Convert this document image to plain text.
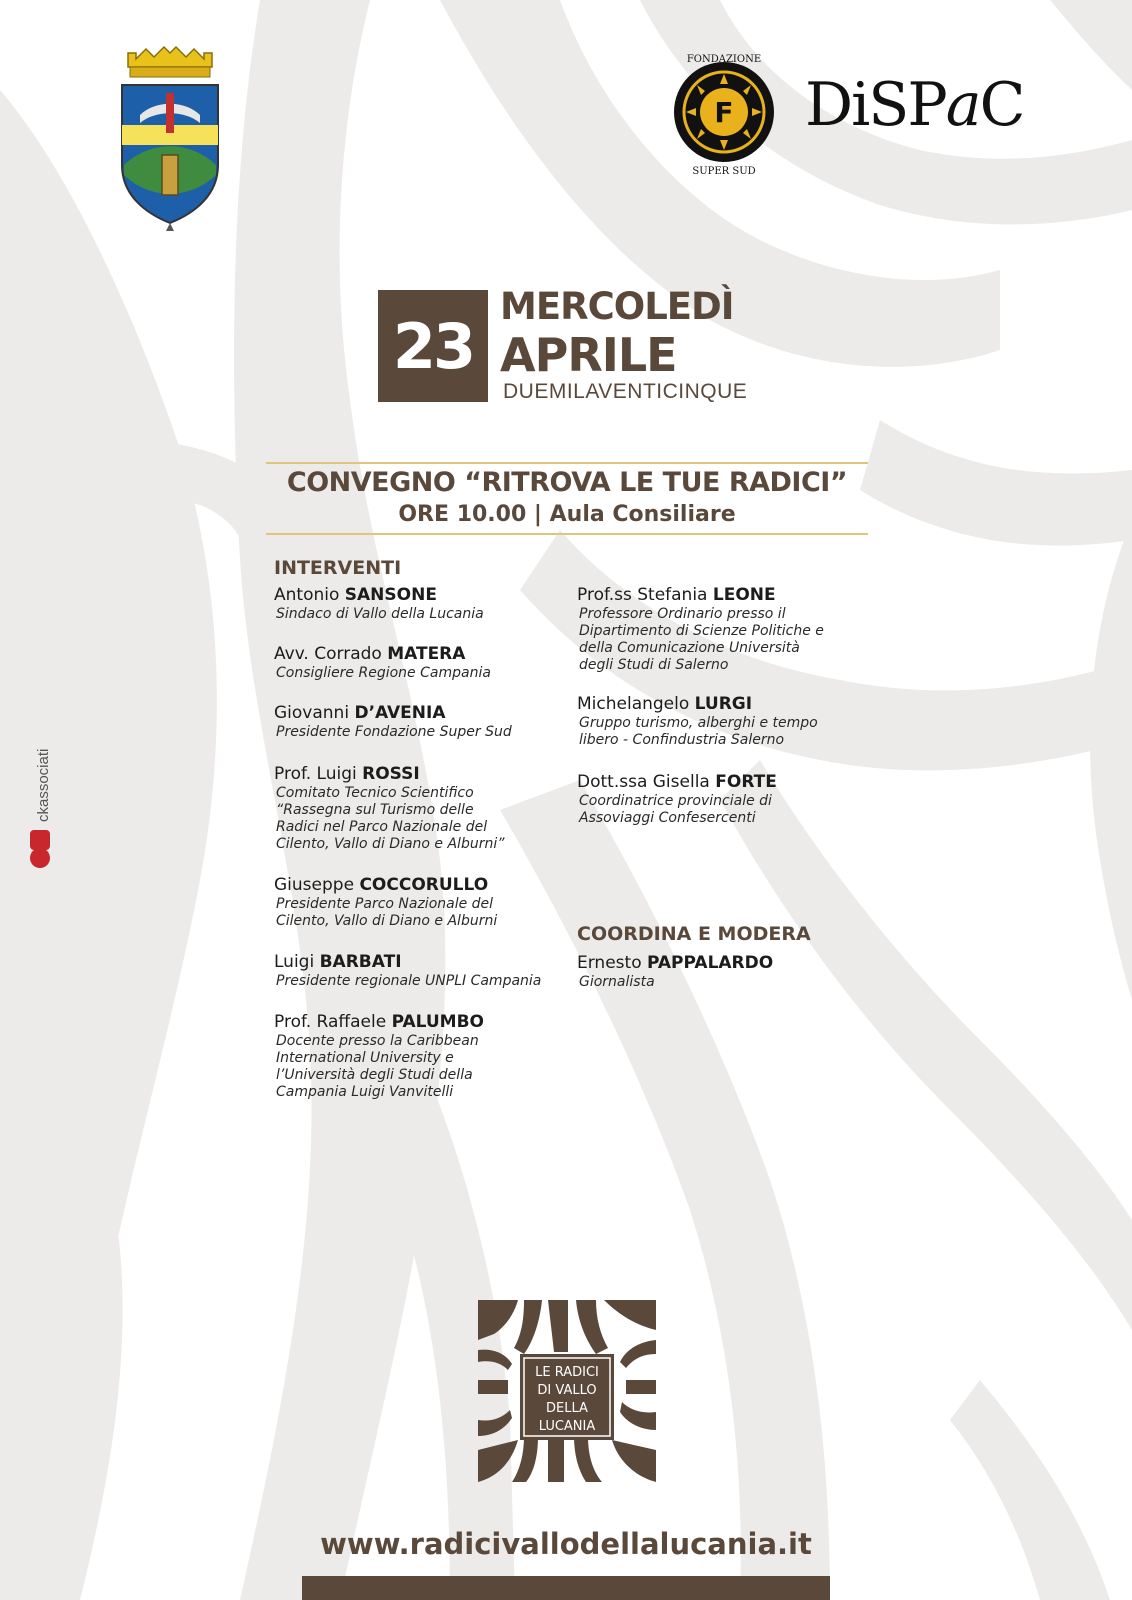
F
FONDAZIONE
SUPER SUD
DiSPaC
ckassociati
23
MERCOLEDÌ
APRILE
DUEMILAVENTICINQUE
CONVEGNO “RITROVA LE TUE RADICI”
ORE 10.00 | Aula Consiliare
INTERVENTI
Antonio SANSONE
Sindaco di Vallo della Lucania
Avv. Corrado MATERA
Consigliere Regione Campania
Giovanni D’AVENIA
Presidente Fondazione Super Sud
Prof. Luigi ROSSI
Comitato Tecnico Scientifico
“Rassegna sul Turismo delle
Radici nel Parco Nazionale del
Cilento, Vallo di Diano e Alburni”
Giuseppe COCCORULLO
Presidente Parco Nazionale del
Cilento, Vallo di Diano e Alburni
Luigi BARBATI
Presidente regionale UNPLI Campania
Prof. Raffaele PALUMBO
Docente presso la Caribbean
International University e
l’Università degli Studi della
Campania Luigi Vanvitelli
Prof.ss Stefania LEONE
Professore Ordinario presso il
Dipartimento di Scienze Politiche e
della Comunicazione Università
degli Studi di Salerno
Michelangelo LURGI
Gruppo turismo, alberghi e tempo
libero - Confindustria Salerno
Dott.ssa Gisella FORTE
Coordinatrice provinciale di
Assoviaggi Confesercenti
COORDINA E MODERA
Ernesto PAPPALARDO
Giornalista
LE RADICI
DI VALLO
DELLA
LUCANIA
www.radicivallodellalucania.it
